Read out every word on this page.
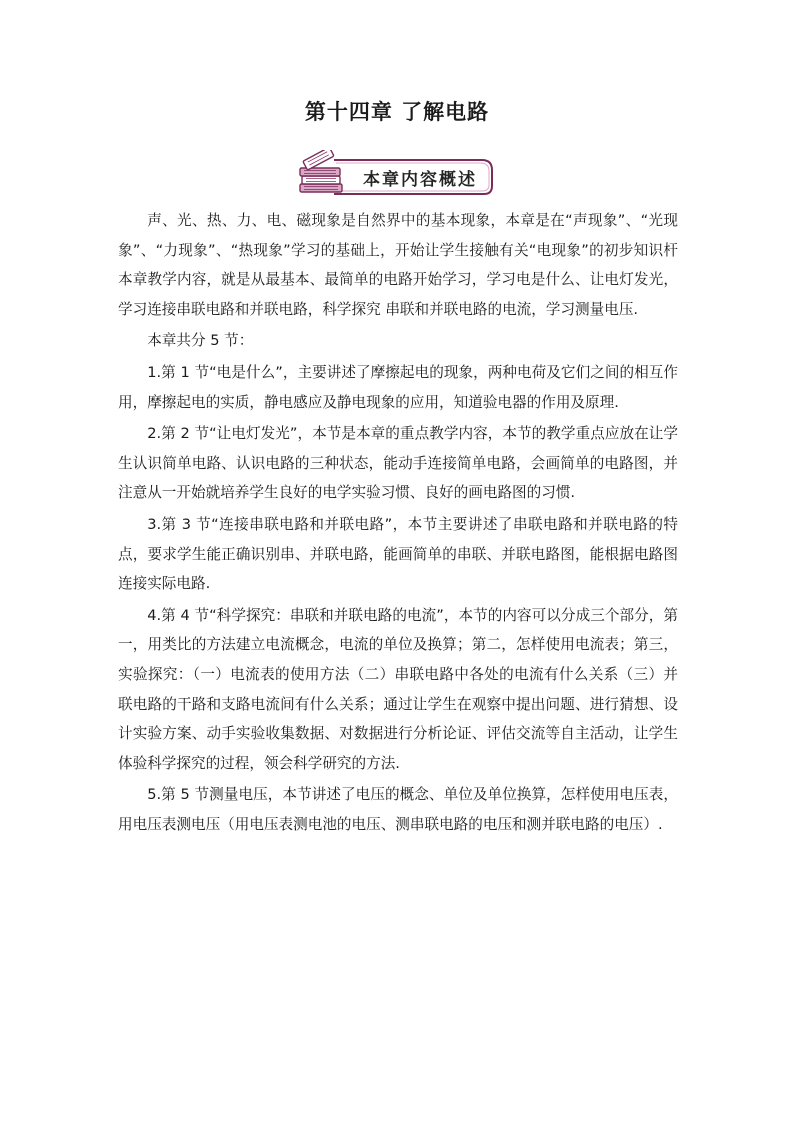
第十四章 了解电路
本章内容概述

声、光、热、力、电、磁现象是自然界中的基本现象，本章是在“声现象”、“光现象”、“力现象”、“热现象”学习的基础上，开始让学生接触有关“电现象”的初步知识杆本章教学内容，就是从最基本、最简单的电路开始学习，学习电是什么、让电灯发光，学习连接串联电路和并联电路，科学探究 串联和并联电路的电流，学习测量电压.

本章共分 5 节：

1.第 1 节“电是什么”，主要讲述了摩擦起电的现象，两种电荷及它们之间的相互作用，摩擦起电的实质，静电感应及静电现象的应用，知道验电器的作用及原理.

2.第 2 节“让电灯发光”，本节是本章的重点教学内容，本节的教学重点应放在让学生认识简单电路、认识电路的三种状态，能动手连接简单电路，会画简单的电路图，并注意从一开始就培养学生良好的电学实验习惯、良好的画电路图的习惯.

3.第 3 节“连接串联电路和并联电路”，本节主要讲述了串联电路和并联电路的特点，要求学生能正确识别串、并联电路，能画简单的串联、并联电路图，能根据电路图连接实际电路.

4.第 4 节“科学探究：串联和并联电路的电流”，本节的内容可以分成三个部分，第一，用类比的方法建立电流概念，电流的单位及换算；第二，怎样使用电流表；第三，实验探究：（一）电流表的使用方法（二）串联电路中各处的电流有什么关系（三）并联电路的干路和支路电流间有什么关系；通过让学生在观察中提出问题、进行猜想、设计实验方案、动手实验收集数据、对数据进行分析论证、评估交流等自主活动，让学生体验科学探究的过程，领会科学研究的方法.

5.第 5 节测量电压，本节讲述了电压的概念、单位及单位换算，怎样使用电压表，用电压表测电压（用电压表测电池的电压、测串联电路的电压和测并联电路的电压）.
